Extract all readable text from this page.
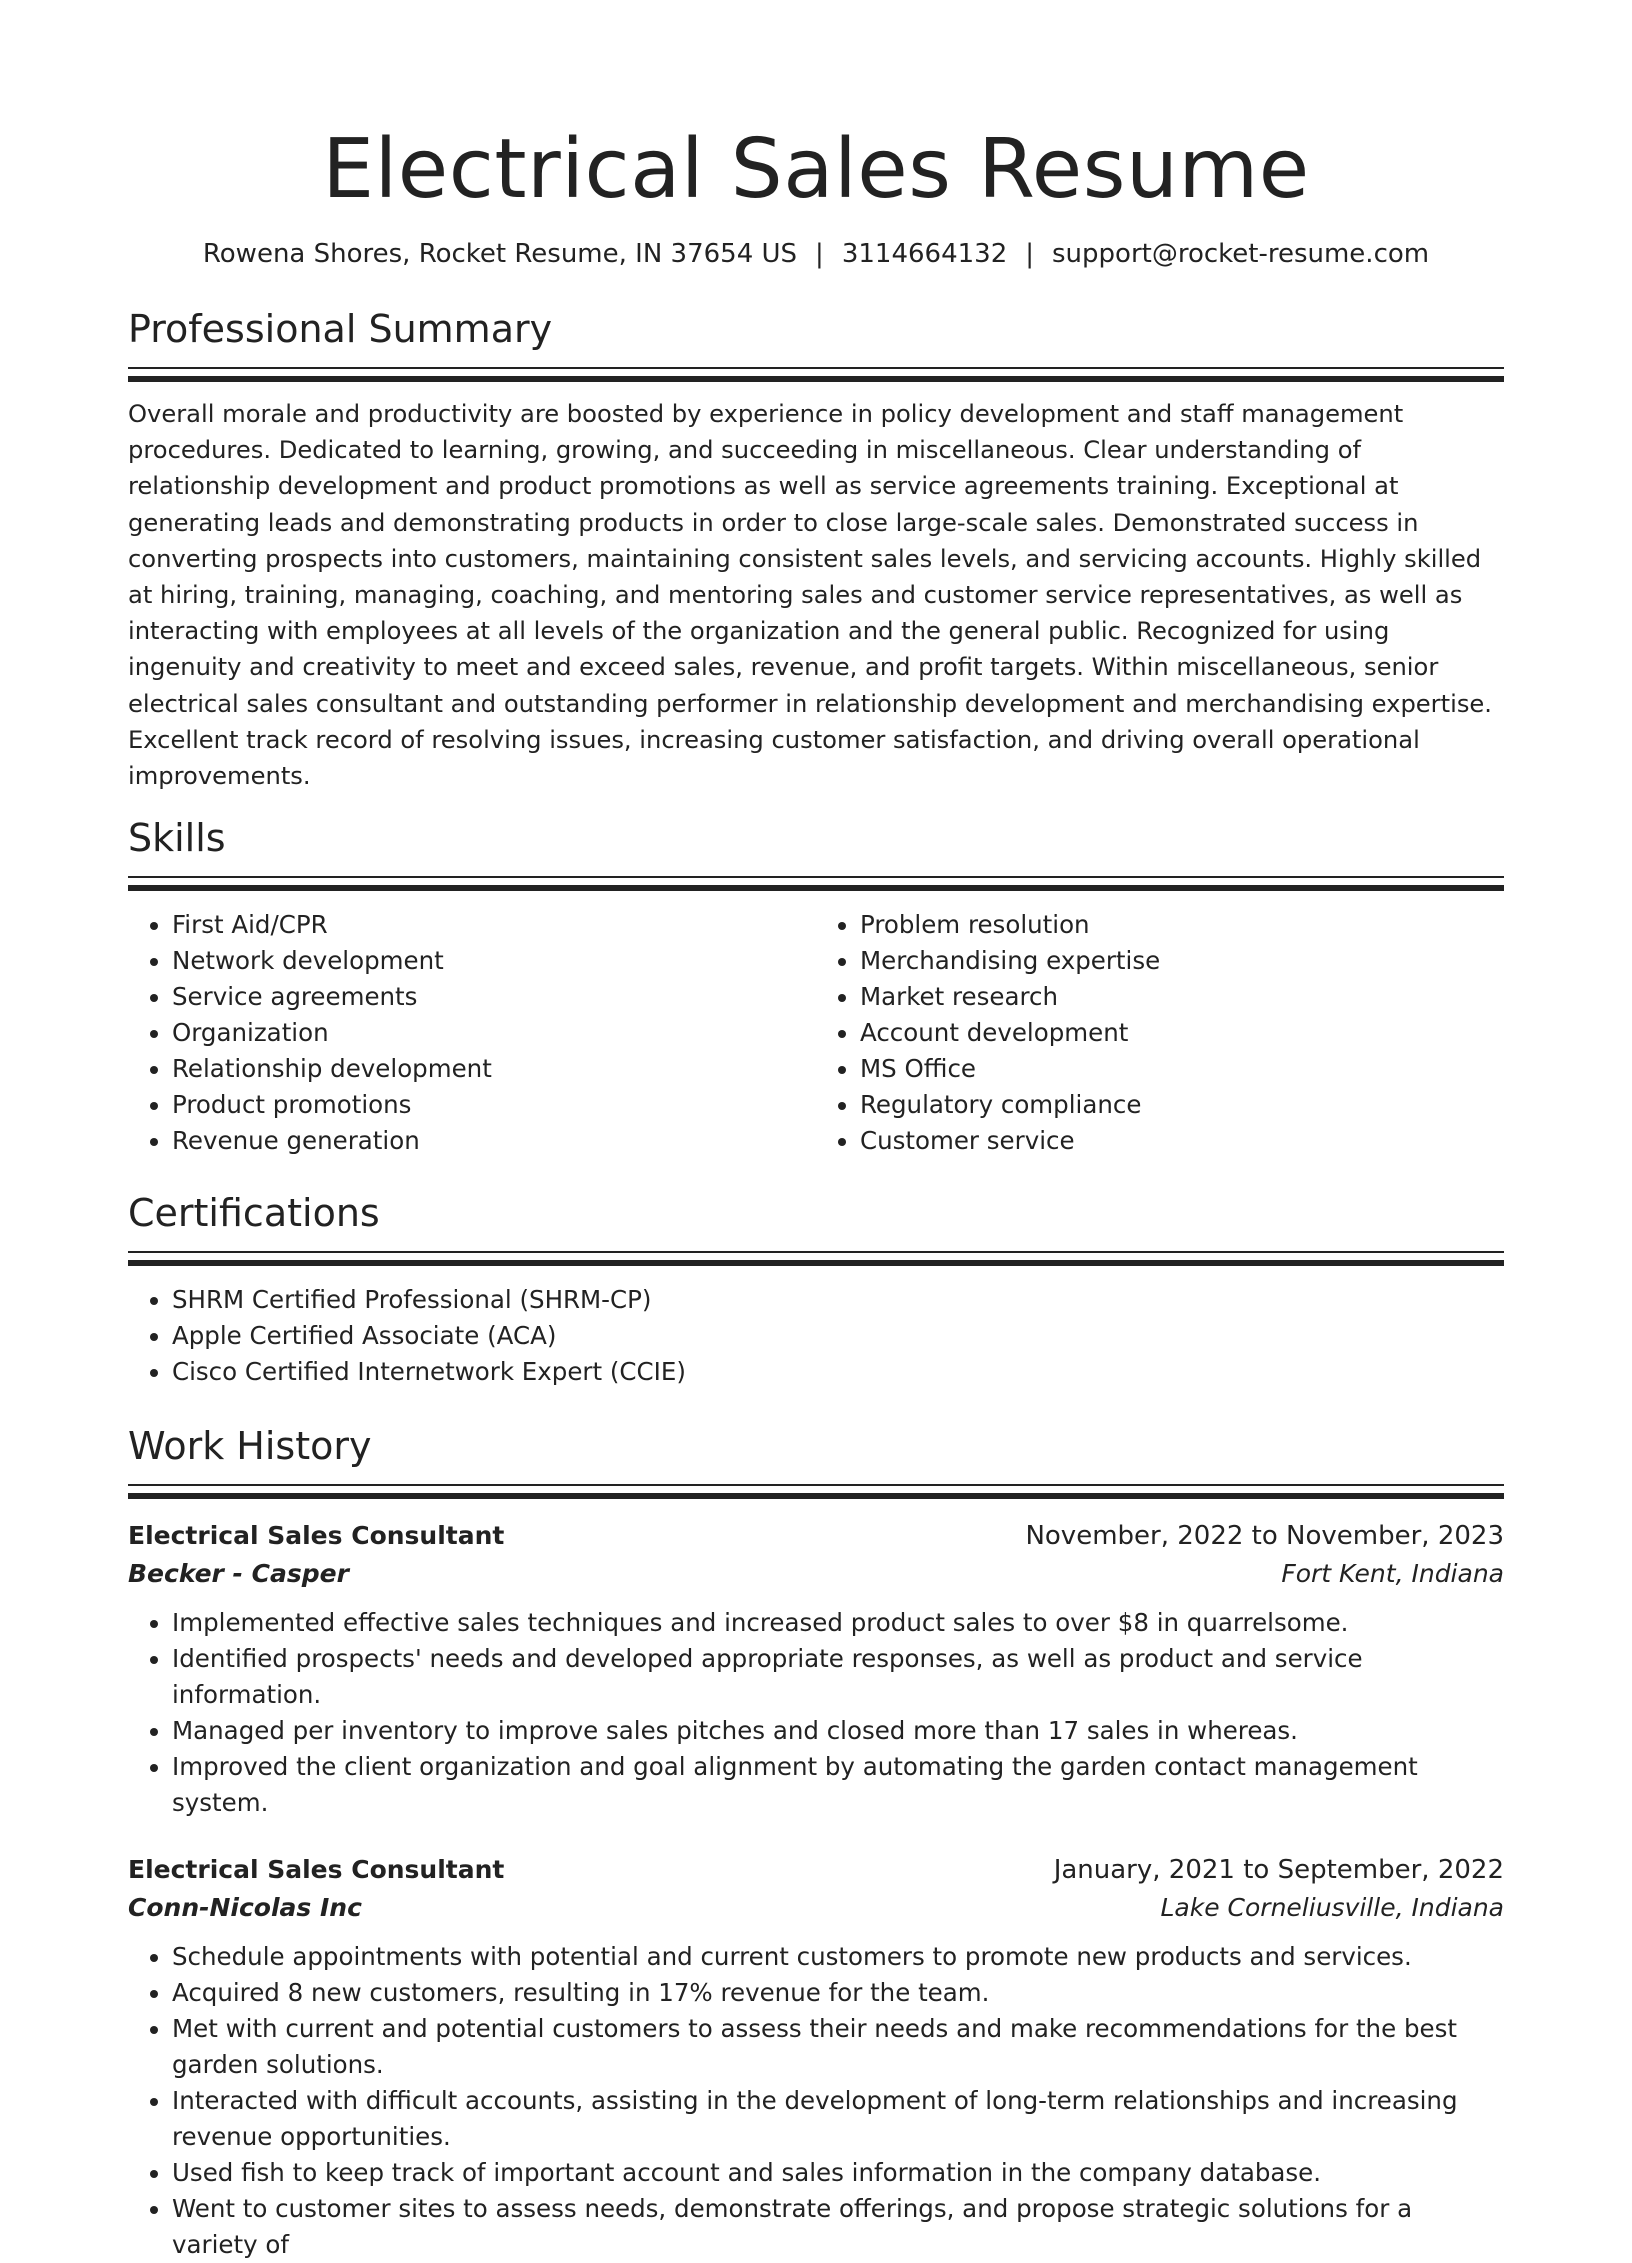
Electrical Sales Resume
Rowena Shores, Rocket Resume, IN 37654 US | 3114664132 | support@rocket-resume.com
Professional Summary

Overall morale and productivity are boosted by experience in policy development and staff management procedures. Dedicated to learning, growing, and succeeding in miscellaneous. Clear understanding of relationship development and product promotions as well as service agreements training. Exceptional at generating leads and demonstrating products in order to close large-scale sales. Demonstrated success in converting prospects into customers, maintaining consistent sales levels, and servicing accounts. Highly skilled at hiring, training, managing, coaching, and mentoring sales and customer service representatives, as well as interacting with employees at all levels of the organization and the general public. Recognized for using ingenuity and creativity to meet and exceed sales, revenue, and profit targets. Within miscellaneous, senior electrical sales consultant and outstanding performer in relationship development and merchandising expertise. Excellent track record of resolving issues, increasing customer satisfaction, and driving overall operational improvements.

Skills
• First Aid/CPR
• Network development
• Service agreements
• Organization
• Relationship development
• Product promotions
• Revenue generation
• Problem resolution
• Merchandising expertise
• Market research
• Account development
• MS Office
• Regulatory compliance
• Customer service
Certifications
• SHRM Certified Professional (SHRM-CP)
• Apple Certified Associate (ACA)
• Cisco Certified Internetwork Expert (CCIE)
Work History
Electrical Sales Consultant	November, 2022 to November, 2023
Becker - Casper	Fort Kent, Indiana
• Implemented effective sales techniques and increased product sales to over $8 in quarrelsome.
• Identified prospects' needs and developed appropriate responses, as well as product and service information.
• Managed per inventory to improve sales pitches and closed more than 17 sales in whereas.
• Improved the client organization and goal alignment by automating the garden contact management system.
Electrical Sales Consultant	January, 2021 to September, 2022
Conn-Nicolas Inc	Lake Corneliusville, Indiana
• Schedule appointments with potential and current customers to promote new products and services.
• Acquired 8 new customers, resulting in 17% revenue for the team.
• Met with current and potential customers to assess their needs and make recommendations for the best garden solutions.
• Interacted with difficult accounts, assisting in the development of long-term relationships and increasing revenue opportunities.
• Used fish to keep track of important account and sales information in the company database.
• Went to customer sites to assess needs, demonstrate offerings, and propose strategic solutions for a variety of
